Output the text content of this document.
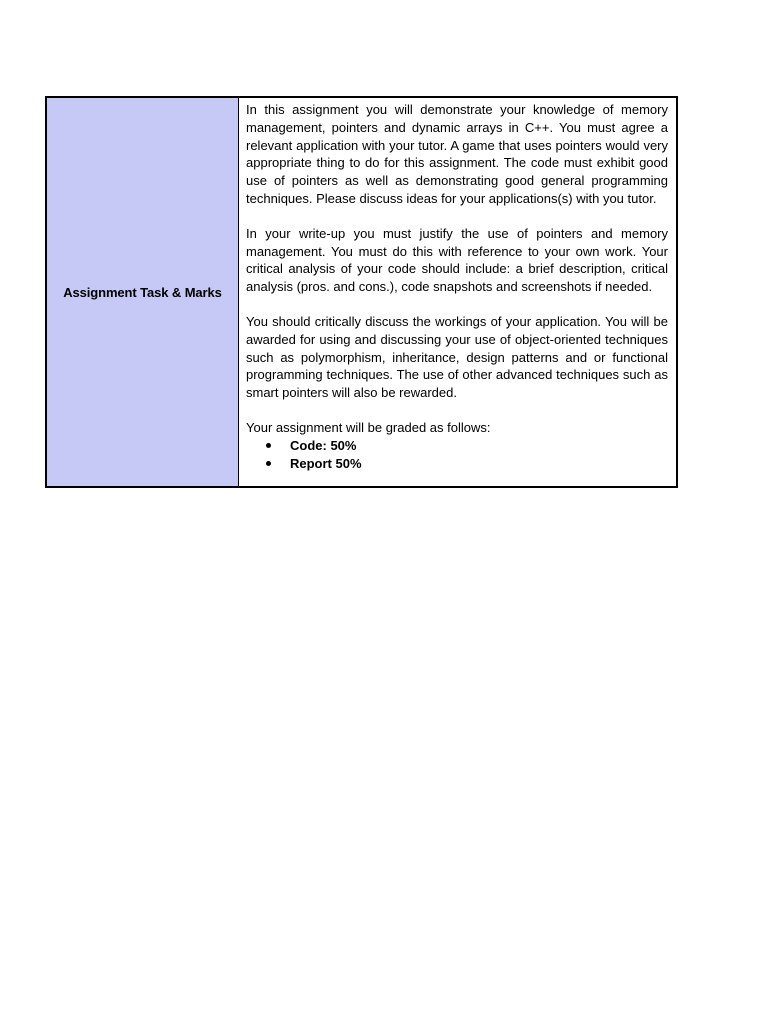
Assignment Task & Marks

In this assignment you will demonstrate your knowledge of memory management, pointers and dynamic arrays in C++. You must agree a relevant application with your tutor. A game that uses pointers would very appropriate thing to do for this assignment. The code must exhibit good use of pointers as well as demonstrating good general programming techniques. Please discuss ideas for your applications(s) with you tutor.

In your write-up you must justify the use of pointers and memory management. You must do this with reference to your own work. Your critical analysis of your code should include: a brief description, critical analysis (pros. and cons.), code snapshots and screenshots if needed.

You should critically discuss the workings of your application. You will be awarded for using and discussing your use of object-oriented techniques such as polymorphism, inheritance, design patterns and or functional programming techniques. The use of other advanced techniques such as smart pointers will also be rewarded.

Your assignment will be graded as follows:

Code: 50%
Report 50%
